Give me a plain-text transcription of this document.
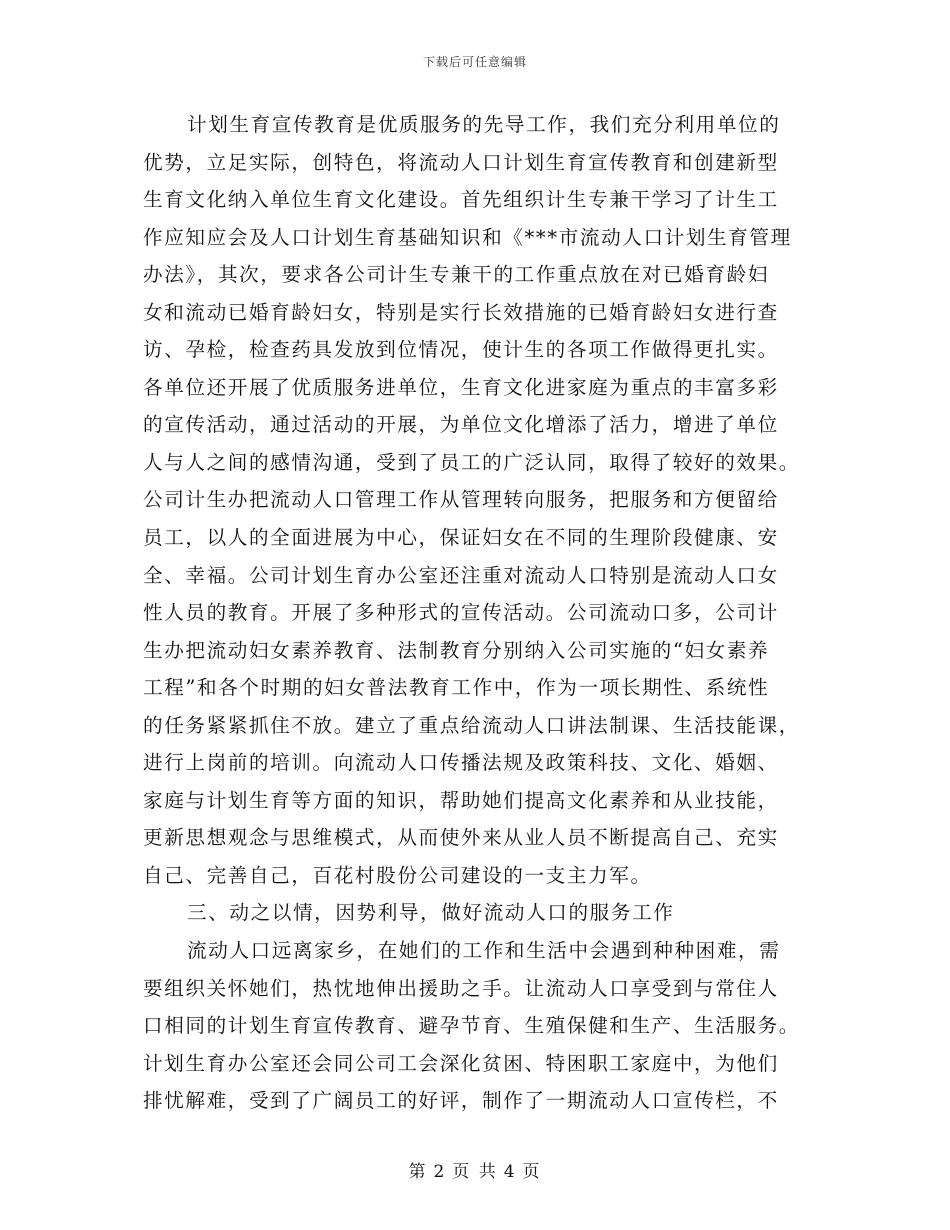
下载后可任意编辑
计划生育宣传教育是优质服务的先导工作，我们充分利用单位的
优势，立足实际，创特色，将流动人口计划生育宣传教育和创建新型
生育文化纳入单位生育文化建设。首先组织计生专兼干学习了计生工
作应知应会及人口计划生育基础知识和《***市流动人口计划生育管理
办法》，其次，要求各公司计生专兼干的工作重点放在对已婚育龄妇
女和流动已婚育龄妇女，特别是实行长效措施的已婚育龄妇女进行查
访、孕检，检查药具发放到位情况，使计生的各项工作做得更扎实。
各单位还开展了优质服务进单位，生育文化进家庭为重点的丰富多彩
的宣传活动，通过活动的开展，为单位文化增添了活力，增进了单位
人与人之间的感情沟通，受到了员工的广泛认同，取得了较好的效果。
公司计生办把流动人口管理工作从管理转向服务，把服务和方便留给
员工，以人的全面进展为中心，保证妇女在不同的生理阶段健康、安
全、幸福。公司计划生育办公室还注重对流动人口特别是流动人口女
性人员的教育。开展了多种形式的宣传活动。公司流动口多，公司计
生办把流动妇女素养教育、法制教育分别纳入公司实施的“妇女素养
工程”和各个时期的妇女普法教育工作中，作为一项长期性、系统性
的任务紧紧抓住不放。建立了重点给流动人口讲法制课、生活技能课，
进行上岗前的培训。向流动人口传播法规及政策科技、文化、婚姻、
家庭与计划生育等方面的知识，帮助她们提高文化素养和从业技能，
更新思想观念与思维模式，从而使外来从业人员不断提高自己、充实
自己、完善自己，百花村股份公司建设的一支主力军。
三、动之以情，因势利导，做好流动人口的服务工作
流动人口远离家乡，在她们的工作和生活中会遇到种种困难，需
要组织关怀她们，热忱地伸出援助之手。让流动人口享受到与常住人
口相同的计划生育宣传教育、避孕节育、生殖保健和生产、生活服务。
计划生育办公室还会同公司工会深化贫困、特困职工家庭中，为他们
排忧解难，受到了广阔员工的好评，制作了一期流动人口宣传栏，不
第 2 页 共 4 页
